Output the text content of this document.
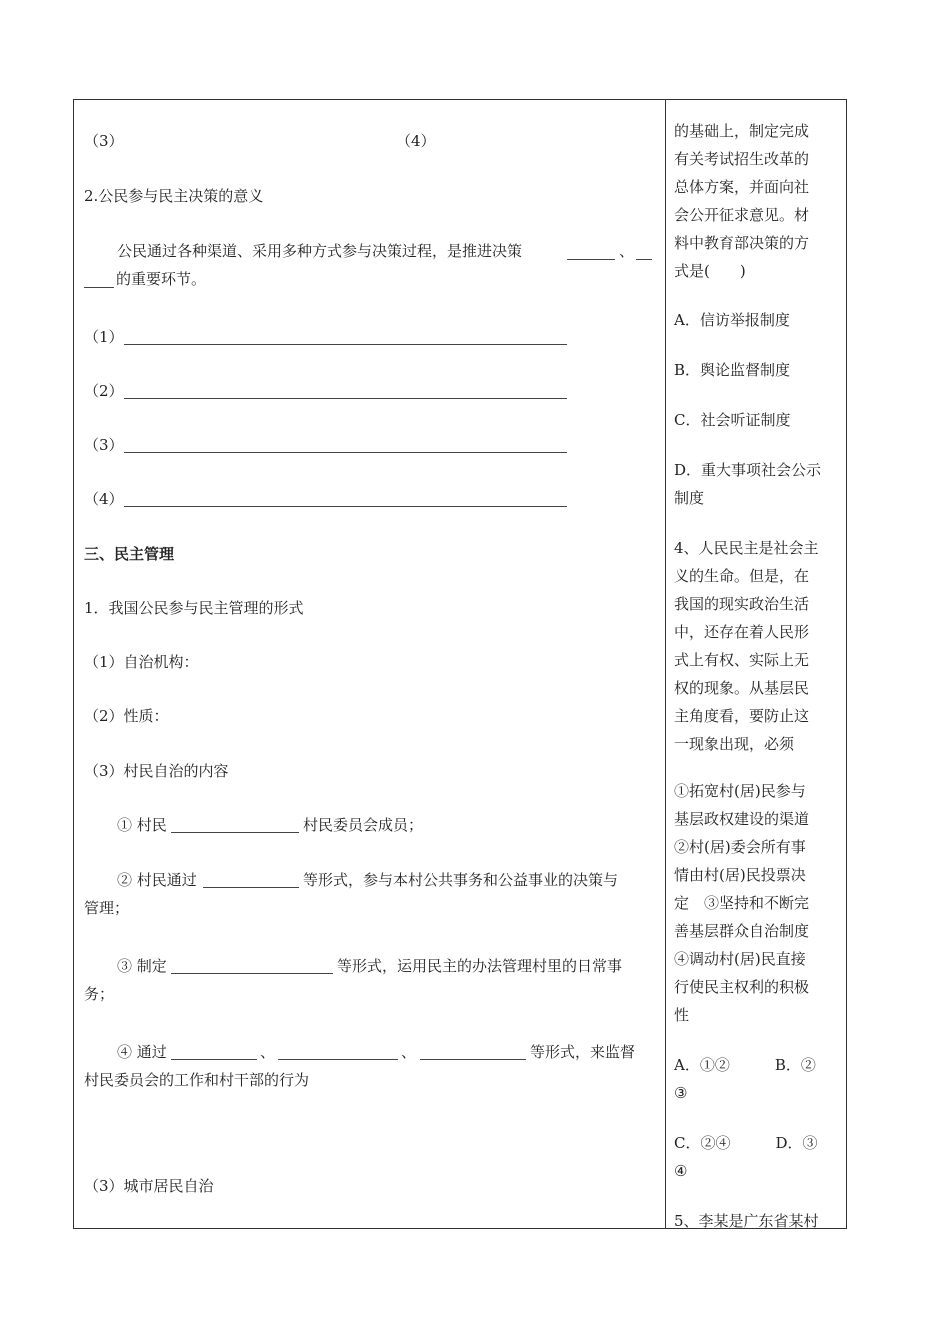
（3）	（4）
2.公民参与民主决策的意义
公民通过各种渠道、采用多种方式参与决策过程，是推进决策	、
的重要环节。
（1）
（2）
（3）
（4）
三、民主管理
1．我国公民参与民主管理的形式
（1）自治机构：
（2）性质：
（3）村民自治的内容
① 村民	村民委员会成员；
② 村民通过	等形式，参与本村公共事务和公益事业的决策与
管理；
③ 制定	等形式，运用民主的办法管理村里的日常事
务；
④ 通过	、	、	等形式，来监督
村民委员会的工作和村干部的行为
（3）城市居民自治
的基础上，制定完成
有关考试招生改革的
总体方案，并面向社
会公开征求意见。材
料中教育部决策的方
式是(　　)
A．信访举报制度
B．舆论监督制度
C．社会听证制度
D．重大事项社会公示
制度
4、人民民主是社会主
义的生命。但是，在
我国的现实政治生活
中，还存在着人民形
式上有权、实际上无
权的现象。从基层民
主角度看，要防止这
一现象出现，必须
①拓宽村(居)民参与
基层政权建设的渠道
②村(居)委会所有事
情由村(居)民投票决
定　③坚持和不断完
善基层群众自治制度
④调动村(居)民直接
行使民主权利的积极
性
A．①②　　　B．②
③
C．②④　　　D．③
④
5、李某是广东省某村
